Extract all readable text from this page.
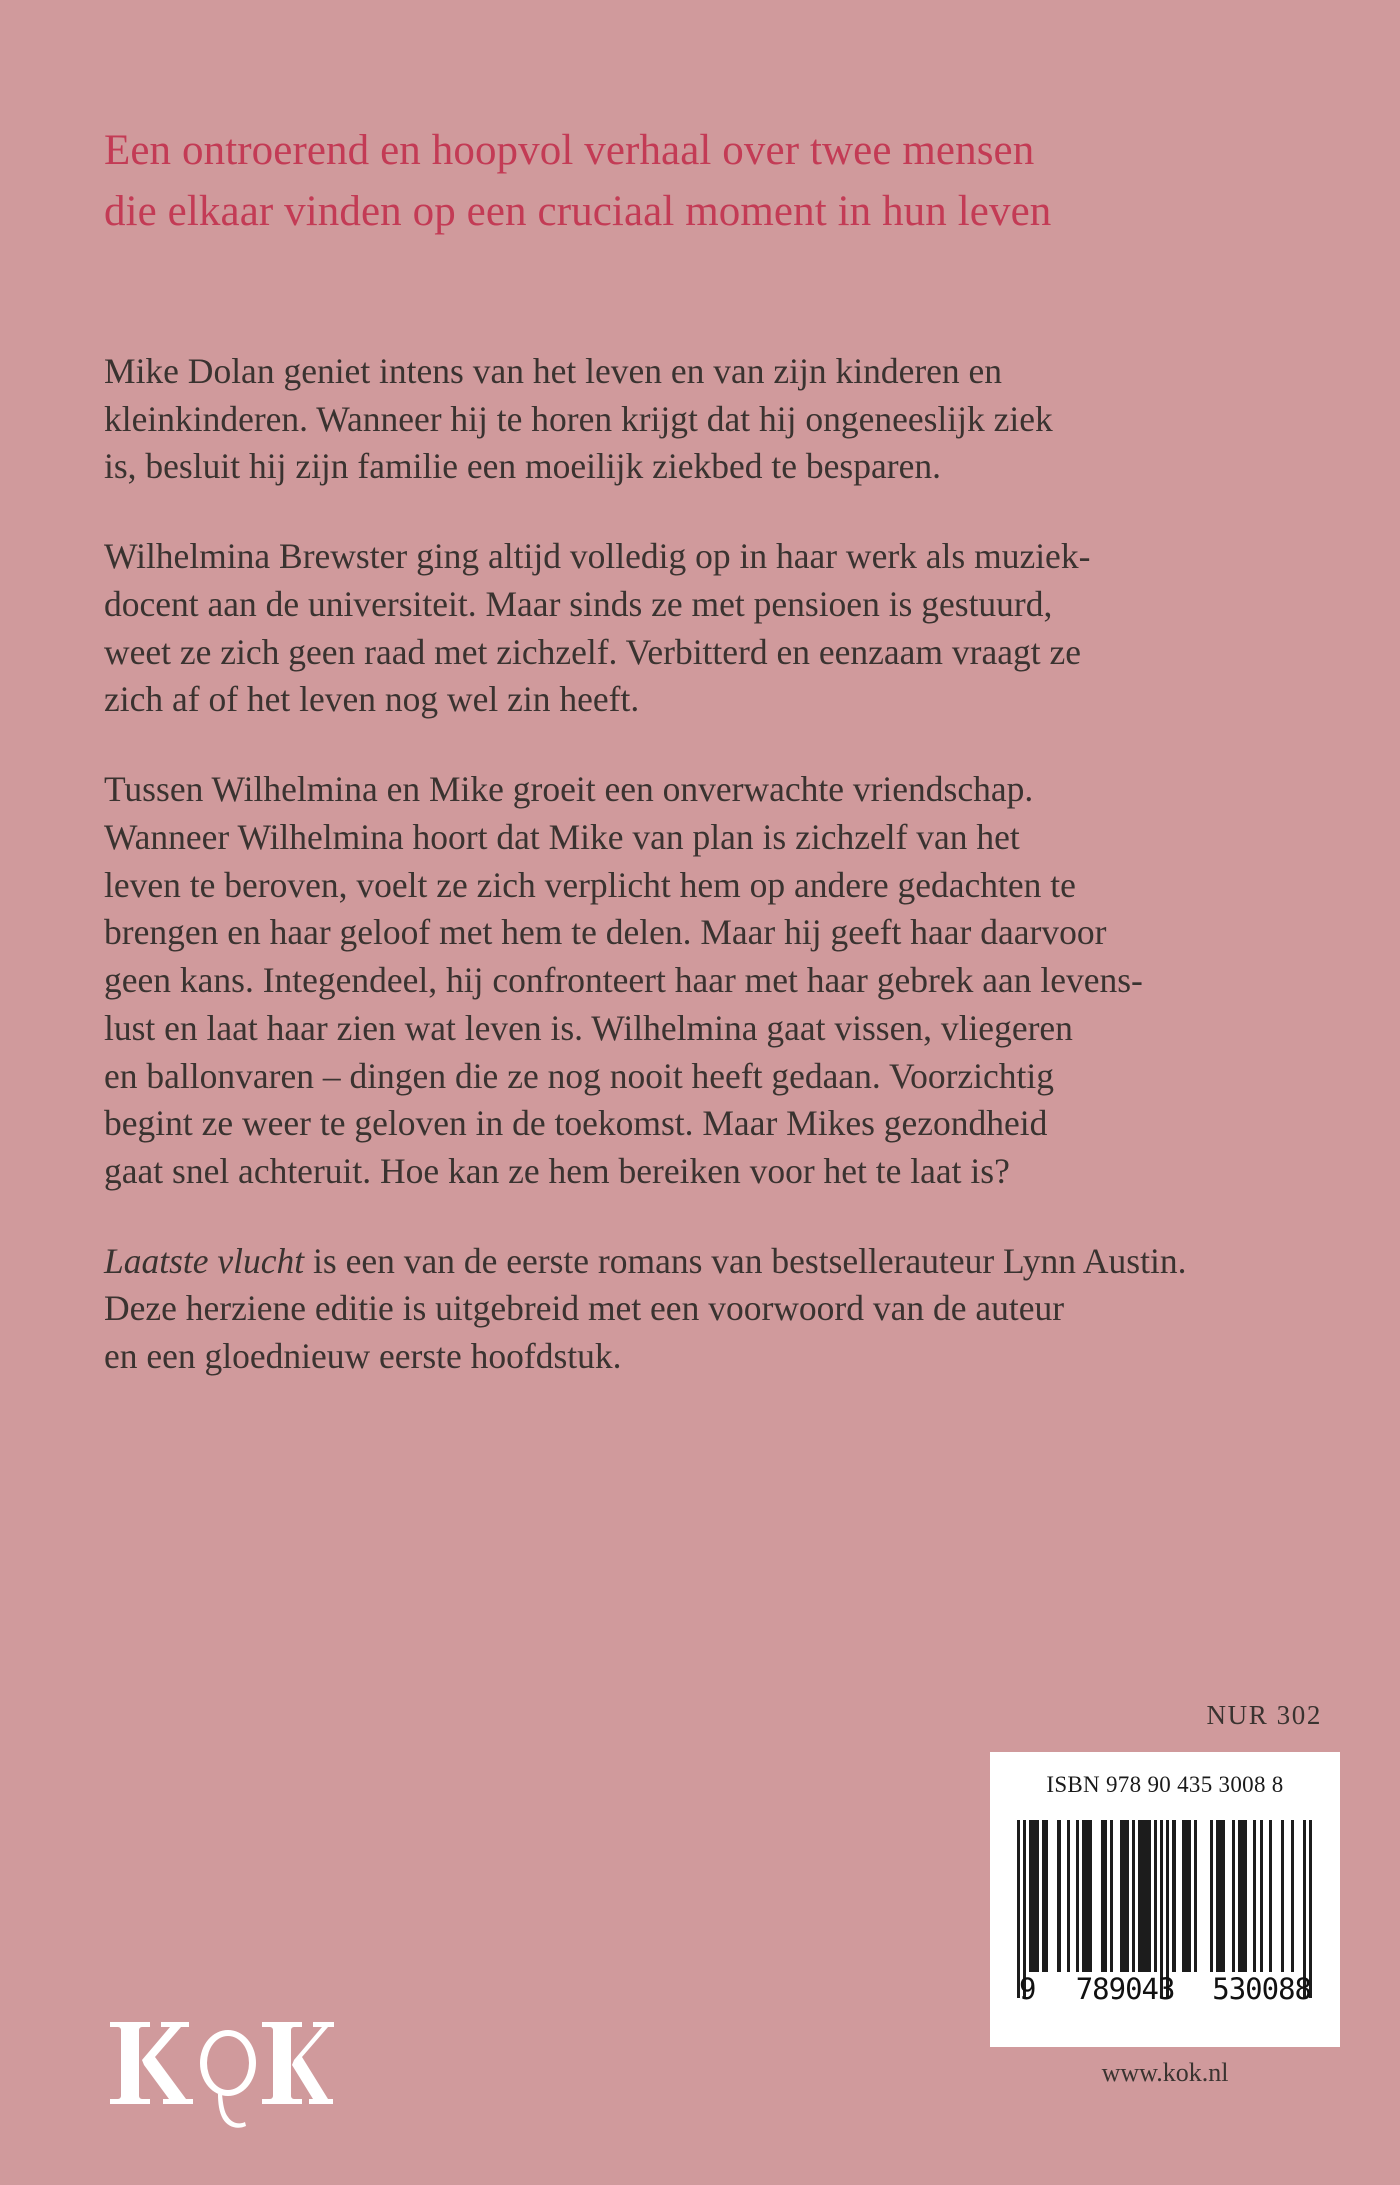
Een ontroerend en hoopvol verhaal over twee mensen
die elkaar vinden op een cruciaal moment in hun leven

Mike Dolan geniet intens van het leven en van zijn kinderen en
kleinkinderen. Wanneer hij te horen krijgt dat hij ongeneeslijk ziek
is, besluit hij zijn familie een moeilijk ziekbed te besparen.

Wilhelmina Brewster ging altijd volledig op in haar werk als muziek-
docent aan de universiteit. Maar sinds ze met pensioen is gestuurd,
weet ze zich geen raad met zichzelf. Verbitterd en eenzaam vraagt ze
zich af of het leven nog wel zin heeft.

Tussen Wilhelmina en Mike groeit een onverwachte vriendschap.
Wanneer Wilhelmina hoort dat Mike van plan is zichzelf van het
leven te beroven, voelt ze zich verplicht hem op andere gedachten te
brengen en haar geloof met hem te delen. Maar hij geeft haar daarvoor
geen kans. Integendeel, hij confronteert haar met haar gebrek aan levens-
lust en laat haar zien wat leven is. Wilhelmina gaat vissen, vliegeren
en ballonvaren – dingen die ze nog nooit heeft gedaan. Voorzichtig
begint ze weer te geloven in de toekomst. Maar Mikes gezondheid
gaat snel achteruit. Hoe kan ze hem bereiken voor het te laat is?

Laatste vlucht is een van de eerste romans van bestsellerauteur Lynn Austin.
Deze herziene editie is uitgebreid met een voorwoord van de auteur
en een gloednieuw eerste hoofdstuk.

NUR 302
ISBN 978 90 435 3008 8
9 789043 530088
www.kok.nl
